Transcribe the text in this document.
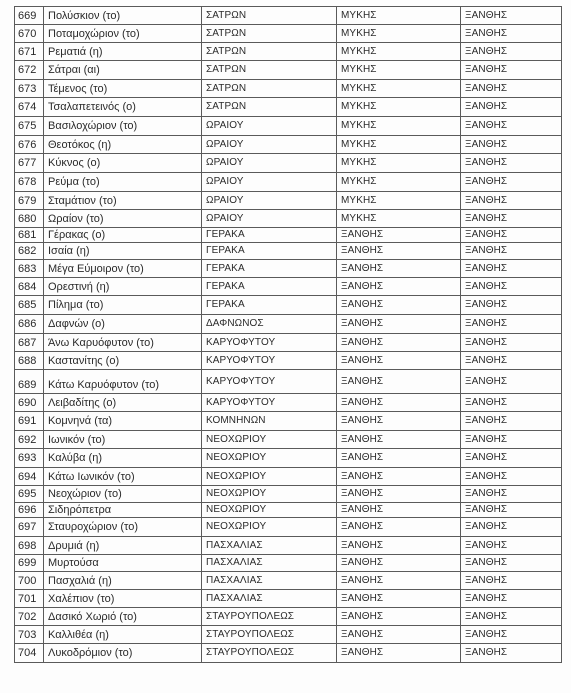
669	Πολύσκιον (το)	ΣΑΤΡΩΝ	ΜΥΚΗΣ	ΞΑΝΘΗΣ
670	Ποταμοχώριον (το)	ΣΑΤΡΩΝ	ΜΥΚΗΣ	ΞΑΝΘΗΣ
671	Ρεματιά (η)	ΣΑΤΡΩΝ	ΜΥΚΗΣ	ΞΑΝΘΗΣ
672	Σάτραι (αι)	ΣΑΤΡΩΝ	ΜΥΚΗΣ	ΞΑΝΘΗΣ
673	Τέμενος (το)	ΣΑΤΡΩΝ	ΜΥΚΗΣ	ΞΑΝΘΗΣ
674	Τσαλαπετεινός (ο)	ΣΑΤΡΩΝ	ΜΥΚΗΣ	ΞΑΝΘΗΣ
675	Βασιλοχώριον (το)	ΩΡΑΙΟΥ	ΜΥΚΗΣ	ΞΑΝΘΗΣ
676	Θεοτόκος (η)	ΩΡΑΙΟΥ	ΜΥΚΗΣ	ΞΑΝΘΗΣ
677	Κύκνος (ο)	ΩΡΑΙΟΥ	ΜΥΚΗΣ	ΞΑΝΘΗΣ
678	Ρεύμα (το)	ΩΡΑΙΟΥ	ΜΥΚΗΣ	ΞΑΝΘΗΣ
679	Σταμάτιον (το)	ΩΡΑΙΟΥ	ΜΥΚΗΣ	ΞΑΝΘΗΣ
680	Ωραίον (το)	ΩΡΑΙΟΥ	ΜΥΚΗΣ	ΞΑΝΘΗΣ
681	Γέρακας (ο)	ΓΕΡΑΚΑ	ΞΑΝΘΗΣ	ΞΑΝΘΗΣ
682	Ισαία (η)	ΓΕΡΑΚΑ	ΞΑΝΘΗΣ	ΞΑΝΘΗΣ
683	Μέγα Εύμοιρον (το)	ΓΕΡΑΚΑ	ΞΑΝΘΗΣ	ΞΑΝΘΗΣ
684	Ορεστινή (η)	ΓΕΡΑΚΑ	ΞΑΝΘΗΣ	ΞΑΝΘΗΣ
685	Πίλημα (το)	ΓΕΡΑΚΑ	ΞΑΝΘΗΣ	ΞΑΝΘΗΣ
686	Δαφνών (ο)	ΔΑΦΝΩΝΟΣ	ΞΑΝΘΗΣ	ΞΑΝΘΗΣ
687	Άνω Καρυόφυτον (το)	ΚΑΡΥΟΦΥΤΟΥ	ΞΑΝΘΗΣ	ΞΑΝΘΗΣ
688	Καστανίτης (ο)	ΚΑΡΥΟΦΥΤΟΥ	ΞΑΝΘΗΣ	ΞΑΝΘΗΣ
689	Κάτω Καρυόφυτον (το)	ΚΑΡΥΟΦΥΤΟΥ	ΞΑΝΘΗΣ	ΞΑΝΘΗΣ
690	Λειβαδίτης (ο)	ΚΑΡΥΟΦΥΤΟΥ	ΞΑΝΘΗΣ	ΞΑΝΘΗΣ
691	Κομνηνά (τα)	ΚΟΜΝΗΝΩΝ	ΞΑΝΘΗΣ	ΞΑΝΘΗΣ
692	Ιωνικόν (το)	ΝΕΟΧΩΡΙΟΥ	ΞΑΝΘΗΣ	ΞΑΝΘΗΣ
693	Καλύβα (η)	ΝΕΟΧΩΡΙΟΥ	ΞΑΝΘΗΣ	ΞΑΝΘΗΣ
694	Κάτω Ιωνικόν (το)	ΝΕΟΧΩΡΙΟΥ	ΞΑΝΘΗΣ	ΞΑΝΘΗΣ
695	Νεοχώριον (το)	ΝΕΟΧΩΡΙΟΥ	ΞΑΝΘΗΣ	ΞΑΝΘΗΣ
696	Σιδηρόπετρα	ΝΕΟΧΩΡΙΟΥ	ΞΑΝΘΗΣ	ΞΑΝΘΗΣ
697	Σταυροχώριον (το)	ΝΕΟΧΩΡΙΟΥ	ΞΑΝΘΗΣ	ΞΑΝΘΗΣ
698	Δρυμιά (η)	ΠΑΣΧΑΛΙΑΣ	ΞΑΝΘΗΣ	ΞΑΝΘΗΣ
699	Μυρτούσα	ΠΑΣΧΑΛΙΑΣ	ΞΑΝΘΗΣ	ΞΑΝΘΗΣ
700	Πασχαλιά (η)	ΠΑΣΧΑΛΙΑΣ	ΞΑΝΘΗΣ	ΞΑΝΘΗΣ
701	Χαλέπιον (το)	ΠΑΣΧΑΛΙΑΣ	ΞΑΝΘΗΣ	ΞΑΝΘΗΣ
702	Δασικό Χωριό (το)	ΣΤΑΥΡΟΥΠΟΛΕΩΣ	ΞΑΝΘΗΣ	ΞΑΝΘΗΣ
703	Καλλιθέα (η)	ΣΤΑΥΡΟΥΠΟΛΕΩΣ	ΞΑΝΘΗΣ	ΞΑΝΘΗΣ
704	Λυκοδρόμιον (το)	ΣΤΑΥΡΟΥΠΟΛΕΩΣ	ΞΑΝΘΗΣ	ΞΑΝΘΗΣ
